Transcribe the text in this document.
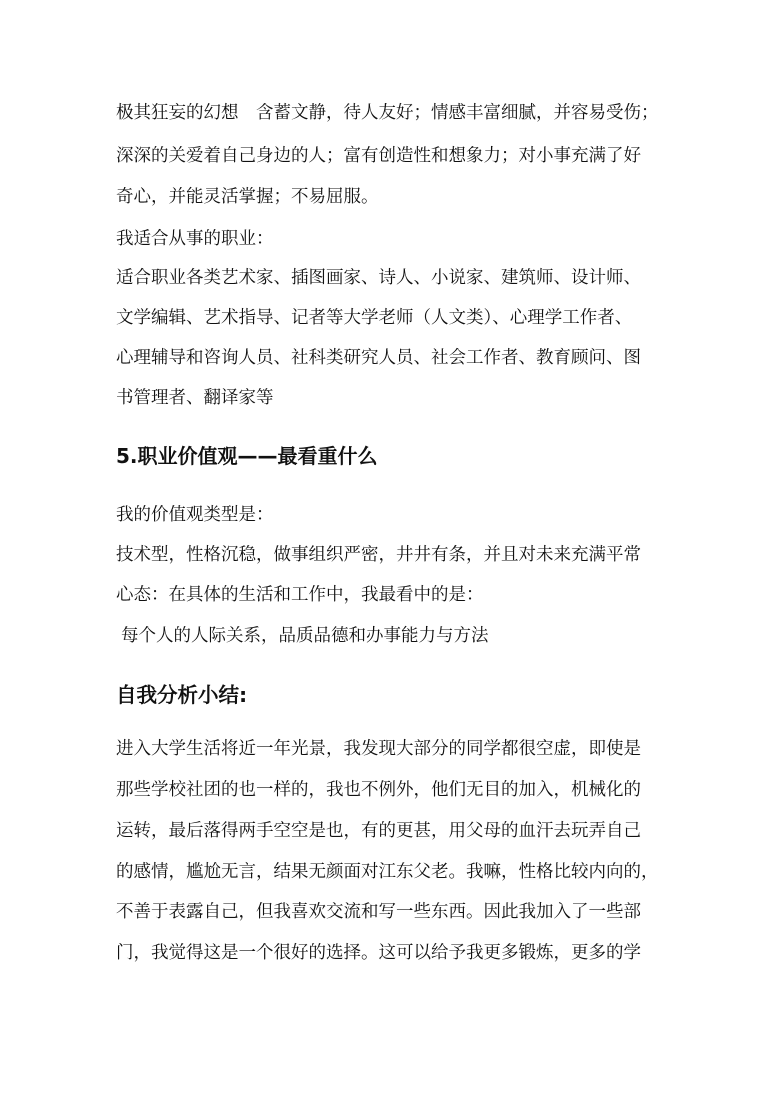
极其狂妄的幻想　含蓄文静，待人友好；情感丰富细腻，并容易受伤；
深深的关爱着自己身边的人；富有创造性和想象力；对小事充满了好
奇心，并能灵活掌握；不易屈服。
我适合从事的职业：
适合职业各类艺术家、插图画家、诗人、小说家、建筑师、设计师、
文学编辑、艺术指导、记者等大学老师（人文类）、心理学工作者、
心理辅导和咨询人员、社科类研究人员、社会工作者、教育顾问、图
书管理者、翻译家等
5.职业价值观——最看重什么
我的价值观类型是：
技术型，性格沉稳，做事组织严密，井井有条，并且对未来充满平常
心态：在具体的生活和工作中，我最看中的是：
每个人的人际关系，品质品德和办事能力与方法
自我分析小结:
进入大学生活将近一年光景，我发现大部分的同学都很空虚，即使是
那些学校社团的也一样的，我也不例外，他们无目的加入，机械化的
运转，最后落得两手空空是也，有的更甚，用父母的血汗去玩弄自己
的感情，尴尬无言，结果无颜面对江东父老。我嘛，性格比较内向的，
不善于表露自己，但我喜欢交流和写一些东西。因此我加入了一些部
门，我觉得这是一个很好的选择。这可以给予我更多锻炼，更多的学
